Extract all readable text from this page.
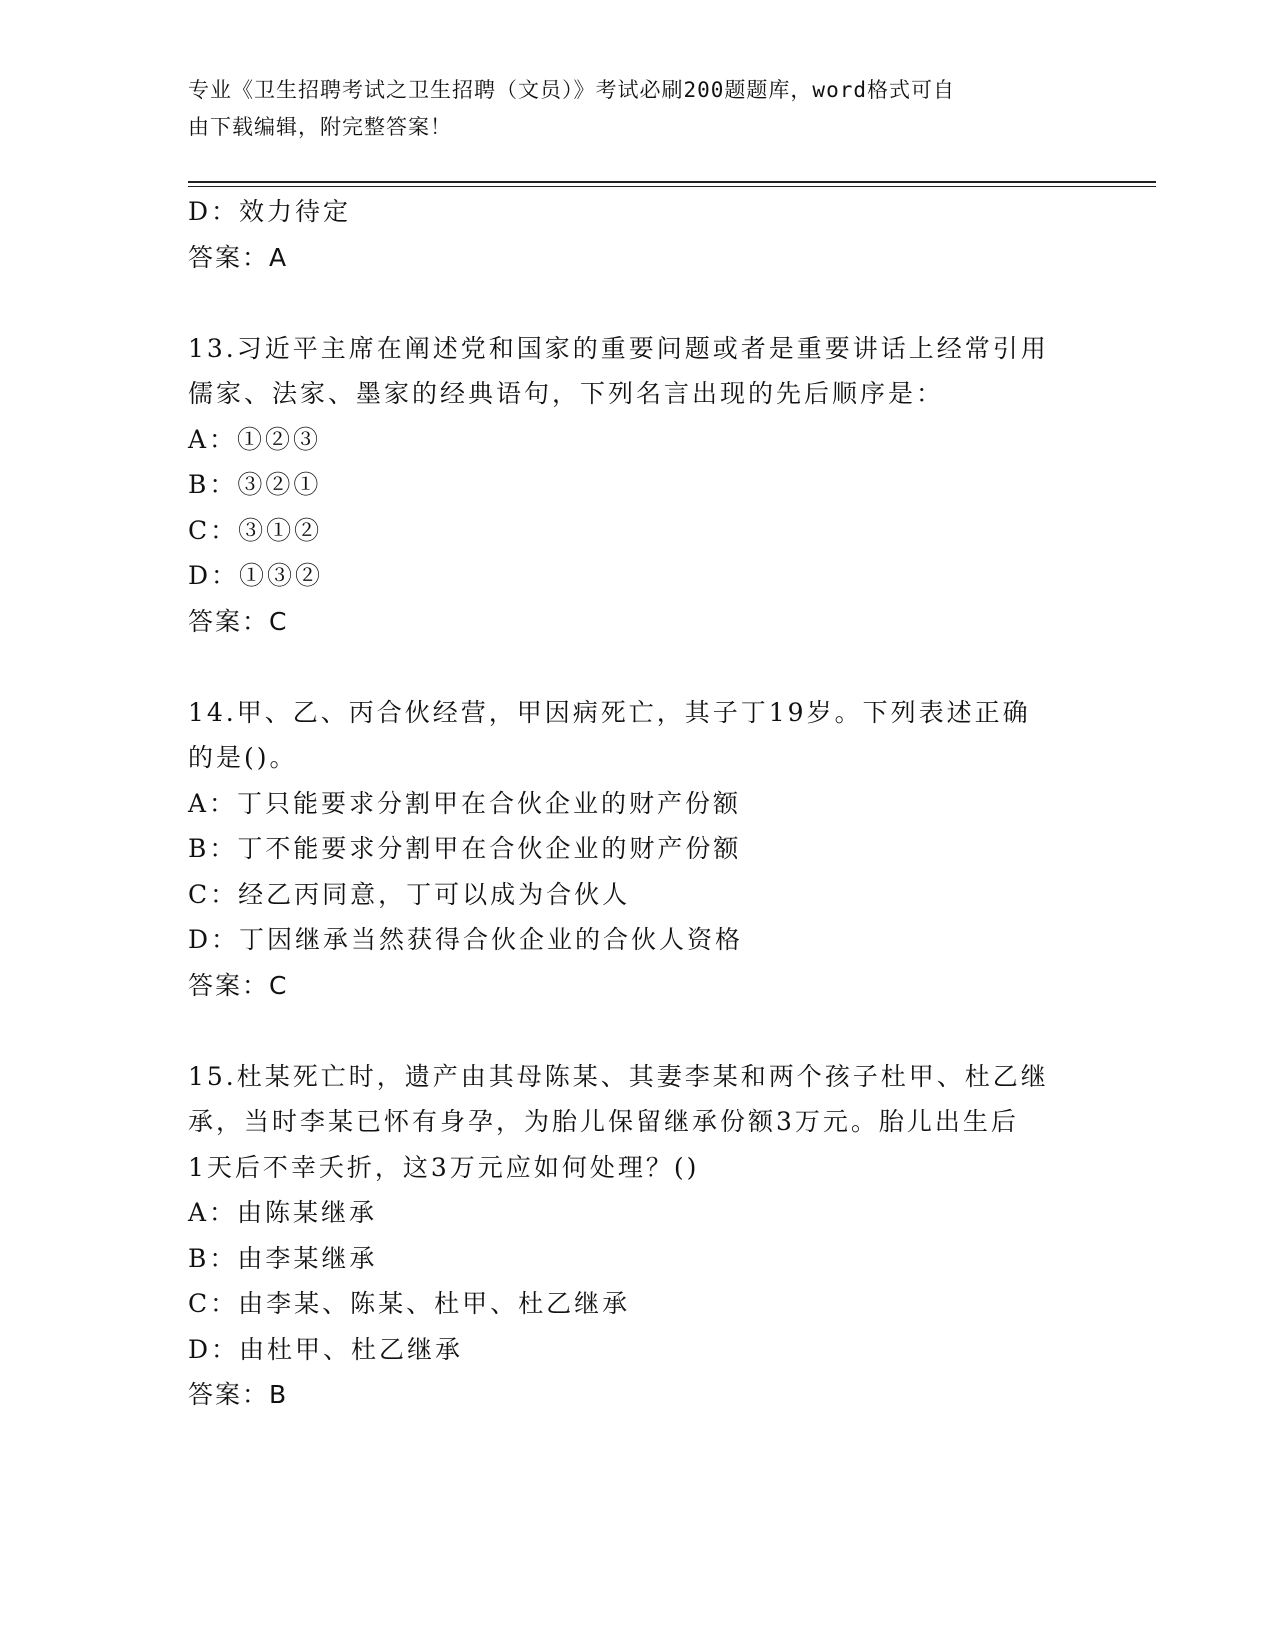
专业《卫生招聘考试之卫生招聘（文员）》考试必刷200题题库，word格式可自
由下载编辑，附完整答案！
D：效力待定
答案：A
13.习近平主席在阐述党和国家的重要问题或者是重要讲话上经常引用
儒家、法家、墨家的经典语句，下列名言出现的先后顺序是：
A：①②③
B：③②①
C：③①②
D：①③②
答案：C
14.甲、乙、丙合伙经营，甲因病死亡，其子丁19岁。下列表述正确
的是()。
A：丁只能要求分割甲在合伙企业的财产份额
B：丁不能要求分割甲在合伙企业的财产份额
C：经乙丙同意，丁可以成为合伙人
D：丁因继承当然获得合伙企业的合伙人资格
答案：C
15.杜某死亡时，遗产由其母陈某、其妻李某和两个孩子杜甲、杜乙继
承，当时李某已怀有身孕，为胎儿保留继承份额3万元。胎儿出生后
1天后不幸夭折，这3万元应如何处理？()
A：由陈某继承
B：由李某继承
C：由李某、陈某、杜甲、杜乙继承
D：由杜甲、杜乙继承
答案：B
